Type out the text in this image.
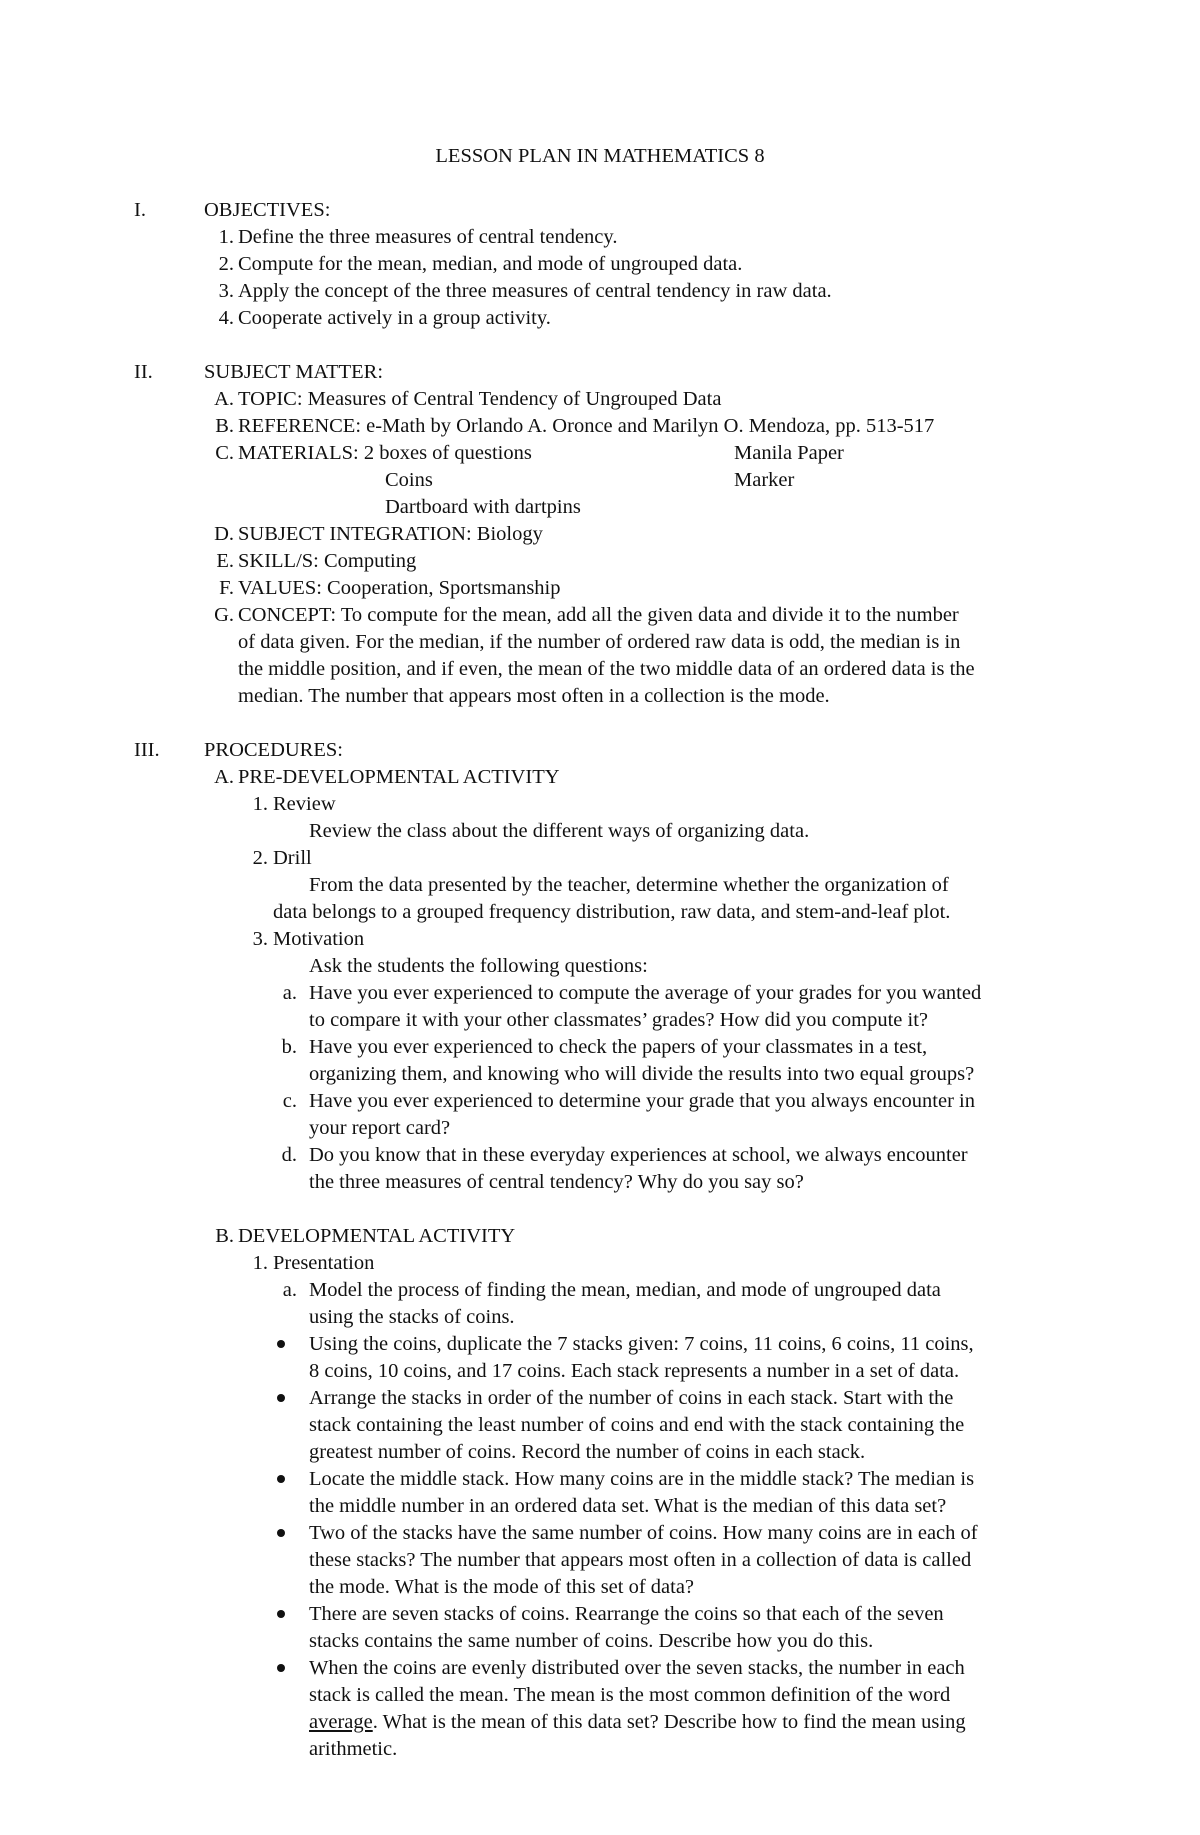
LESSON PLAN IN MATHEMATICS 8
I.	OBJECTIVES:
1. Define the three measures of central tendency.
2. Compute for the mean, median, and mode of ungrouped data.
3. Apply the concept of the three measures of central tendency in raw data.
4. Cooperate actively in a group activity.
II. SUBJECT MATTER:
A. TOPIC: Measures of Central Tendency of Ungrouped Data
B. REFERENCE: e-Math by Orlando A. Oronce and Marilyn O. Mendoza, pp. 513-517
C. MATERIALS: 2 boxes of questions	Manila Paper
Coins	Marker
Dartboard with dartpins
D. SUBJECT INTEGRATION: Biology
E. SKILL/S: Computing
F. VALUES: Cooperation, Sportsmanship
G. CONCEPT: To compute for the mean, add all the given data and divide it to the number
of data given. For the median, if the number of ordered raw data is odd, the median is in
the middle position, and if even, the mean of the two middle data of an ordered data is the
median. The number that appears most often in a collection is the mode.
III. PROCEDURES:
A. PRE-DEVELOPMENTAL ACTIVITY
1. Review
Review the class about the different ways of organizing data.
2. Drill
From the data presented by the teacher, determine whether the organization of
data belongs to a grouped frequency distribution, raw data, and stem-and-leaf plot.
3. Motivation
Ask the students the following questions:
a. Have you ever experienced to compute the average of your grades for you wanted
to compare it with your other classmates’ grades? How did you compute it?
b. Have you ever experienced to check the papers of your classmates in a test,
organizing them, and knowing who will divide the results into two equal groups?
c. Have you ever experienced to determine your grade that you always encounter in
your report card?
d. Do you know that in these everyday experiences at school, we always encounter
the three measures of central tendency? Why do you say so?
B. DEVELOPMENTAL ACTIVITY
1. Presentation
a. Model the process of finding the mean, median, and mode of ungrouped data
using the stacks of coins.
Using the coins, duplicate the 7 stacks given: 7 coins, 11 coins, 6 coins, 11 coins,
8 coins, 10 coins, and 17 coins. Each stack represents a number in a set of data.
Arrange the stacks in order of the number of coins in each stack. Start with the
stack containing the least number of coins and end with the stack containing the
greatest number of coins. Record the number of coins in each stack.
Locate the middle stack. How many coins are in the middle stack? The median is
the middle number in an ordered data set. What is the median of this data set?
Two of the stacks have the same number of coins. How many coins are in each of
these stacks? The number that appears most often in a collection of data is called
the mode. What is the mode of this set of data?
There are seven stacks of coins. Rearrange the coins so that each of the seven
stacks contains the same number of coins. Describe how you do this.
When the coins are evenly distributed over the seven stacks, the number in each
stack is called the mean. The mean is the most common definition of the word
average. What is the mean of this data set? Describe how to find the mean using
arithmetic.
